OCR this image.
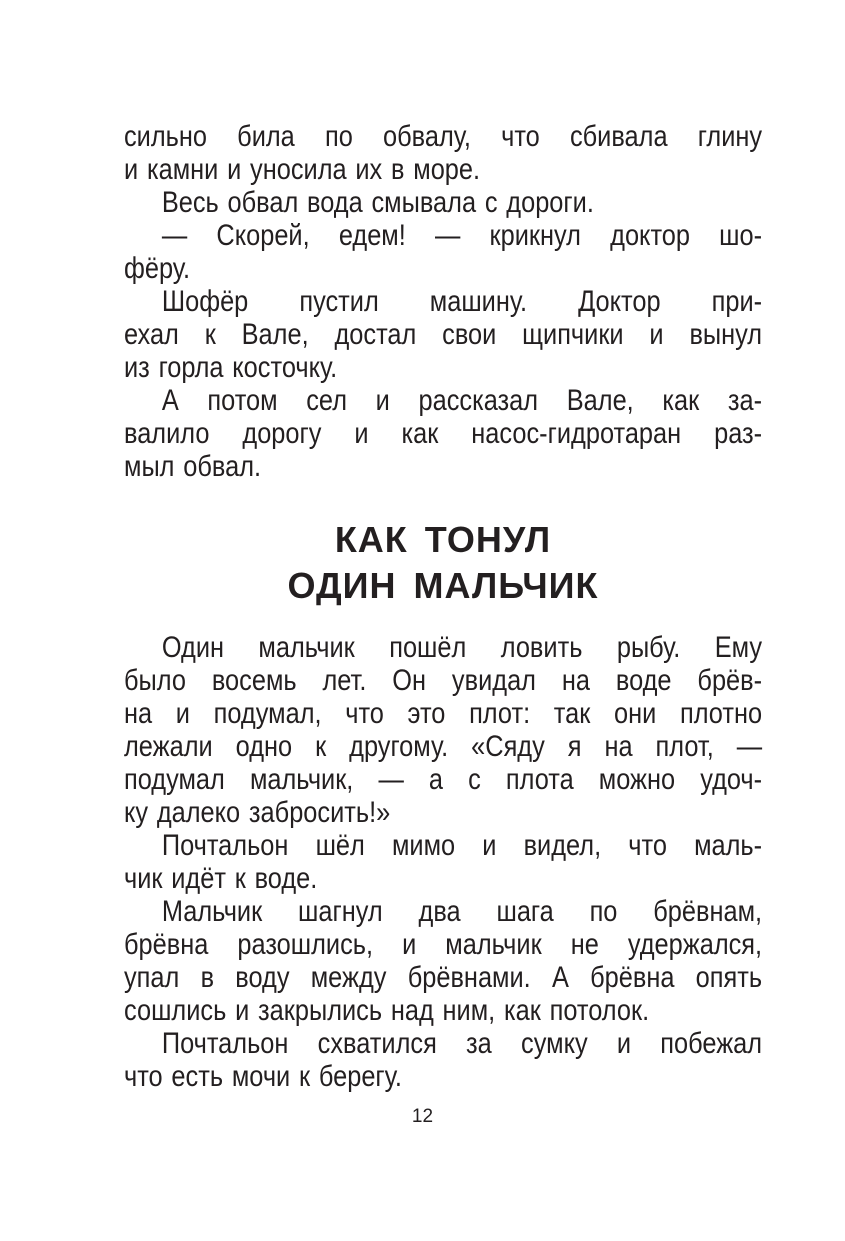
сильно била по обвалу, что сбивала глину
и камни и уносила их в море.
Весь обвал вода смывала с дороги.
— Скорей, едем! — крикнул доктор шо-
фёру.
Шофёр пустил машину. Доктор при-
ехал к Вале, достал свои щипчики и вынул
из горла косточку.
А потом сел и рассказал Вале, как за-
валило дорогу и как насос-гидротаран раз-
мыл обвал.
КАК ТОНУЛ
ОДИН МАЛЬЧИК
Один мальчик пошёл ловить рыбу. Ему
было восемь лет. Он увидал на воде брёв-
на и подумал, что это плот: так они плотно
лежали одно к другому. «Сяду я на плот, —
подумал мальчик, — а с плота можно удоч-
ку далеко забросить!»
Почтальон шёл мимо и видел, что маль-
чик идёт к воде.
Мальчик шагнул два шага по брёвнам,
брёвна разошлись, и мальчик не удержался,
упал в воду между брёвнами. А брёвна опять
сошлись и закрылись над ним, как потолок.
Почтальон схватился за сумку и побежал
что есть мочи к берегу.
12
